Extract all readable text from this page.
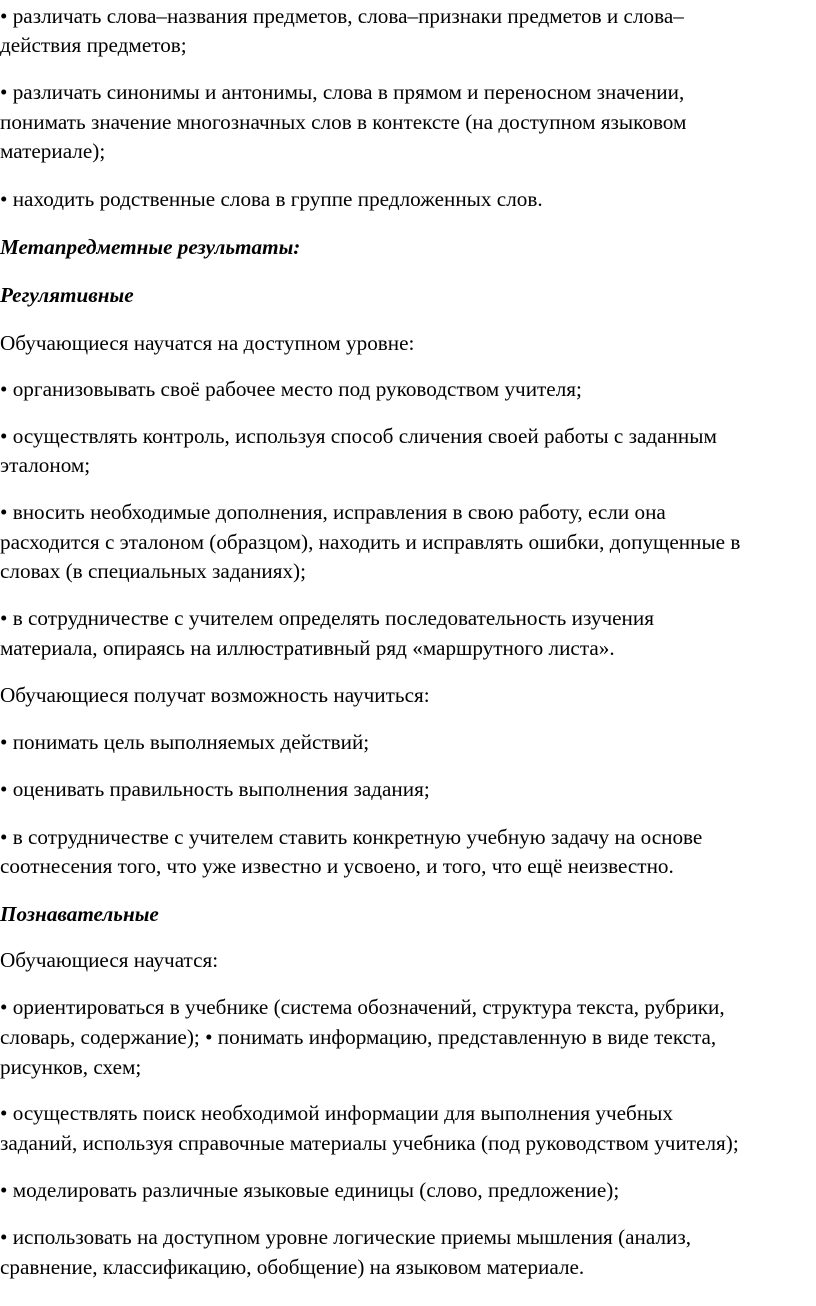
• различать слова–названия предметов, слова–признаки предметов и слова–

действия предметов;

• различать синонимы и антонимы, слова в прямом и переносном значении,

понимать значение многозначных слов в контексте (на доступном языковом

материале);

• находить родственные слова в группе предложенных слов.

Метапредметные результаты:

Регулятивные

Обучающиеся научатся на доступном уровне:

• организовывать своё рабочее место под руководством учителя;

• осуществлять контроль, используя способ сличения своей работы с заданным

эталоном;

• вносить необходимые дополнения, исправления в свою работу, если она

расходится с эталоном (образцом), находить и исправлять ошибки, допущенные в

словах (в специальных заданиях);

• в сотрудничестве с учителем определять последовательность изучения

материала, опираясь на иллюстративный ряд «маршрутного листа».

Обучающиеся получат возможность научиться:

• понимать цель выполняемых действий;

• оценивать правильность выполнения задания;

• в сотрудничестве с учителем ставить конкретную учебную задачу на основе

соотнесения того, что уже известно и усвоено, и того, что ещё неизвестно.

Познавательные

Обучающиеся научатся:

• ориентироваться в учебнике (система обозначений, структура текста, рубрики,

словарь, содержание); • понимать информацию, представленную в виде текста,

рисунков, схем;

• осуществлять поиск необходимой информации для выполнения учебных

заданий, используя справочные материалы учебника (под руководством учителя);

• моделировать различные языковые единицы (слово, предложение);

• использовать на доступном уровне логические приемы мышления (анализ,

сравнение, классификацию, обобщение) на языковом материале.
